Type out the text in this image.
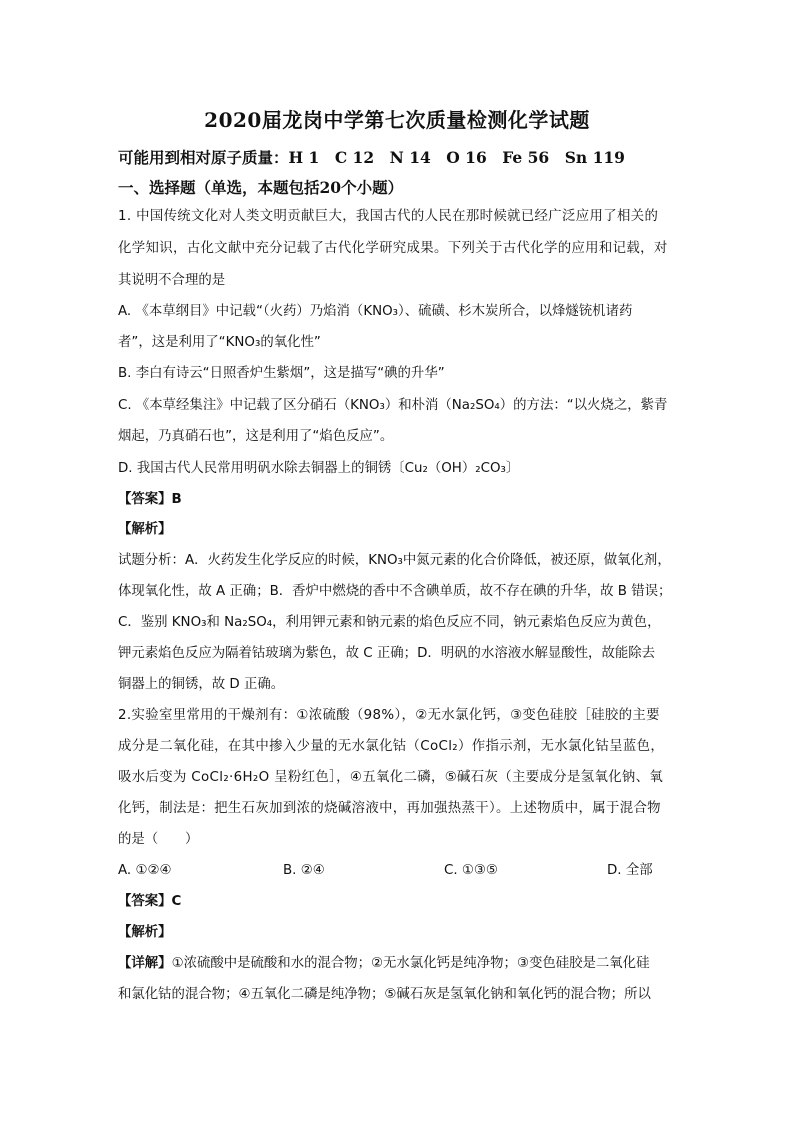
2020届龙岗中学第七次质量检测化学试题
可能用到相对原子质量：H 1　C 12　N 14　O 16　Fe 56　Sn 119
一、选择题（单选，本题包括20个小题）
1. 中国传统文化对人类文明贡献巨大，我国古代的人民在那时候就已经广泛应用了相关的
化学知识，古化文献中充分记载了古代化学研究成果。下列关于古代化学的应用和记载，对
其说明不合理的是
A. 《本草纲目》中记载“（火药）乃焰消（KNO₃）、硫磺、杉木炭所合，以烽燧铳机诸药
者”，这是利用了“KNO₃的氧化性”
B. 李白有诗云“日照香炉生紫烟”，这是描写“碘的升华”
C. 《本草经集注》中记载了区分硝石（KNO₃）和朴消（Na₂SO₄）的方法：“以火烧之，紫青
烟起，乃真硝石也”，这是利用了“焰色反应”。
D. 我国古代人民常用明矾水除去铜器上的铜锈〔Cu₂（OH）₂CO₃〕
【答案】B
【解析】
试题分析：A．火药发生化学反应的时候，KNO₃中氮元素的化合价降低，被还原，做氧化剂，
体现氧化性，故 A 正确；B．香炉中燃烧的香中不含碘单质，故不存在碘的升华，故 B 错误；
C．鉴别 KNO₃和 Na₂SO₄，利用钾元素和钠元素的焰色反应不同，钠元素焰色反应为黄色，
钾元素焰色反应为隔着钴玻璃为紫色，故 C 正确；D．明矾的水溶液水解显酸性，故能除去
铜器上的铜锈，故 D 正确。
2.实验室里常用的干燥剂有：①浓硫酸（98%），②无水氯化钙，③变色硅胶［硅胶的主要
成分是二氧化硅，在其中掺入少量的无水氯化钴（CoCl₂）作指示剂，无水氯化钴呈蓝色，
吸水后变为 CoCl₂·6H₂O 呈粉红色］，④五氧化二磷，⑤碱石灰（主要成分是氢氧化钠、氧
化钙，制法是：把生石灰加到浓的烧碱溶液中，再加强热蒸干）。上述物质中，属于混合物
的是（　　）
A. ①②④	B. ②④	C. ①③⑤	D. 全部
【答案】C
【解析】
【详解】①浓硫酸中是硫酸和水的混合物；②无水氯化钙是纯净物；③变色硅胶是二氧化硅
和氯化钴的混合物；④五氧化二磷是纯净物；⑤碱石灰是氢氧化钠和氧化钙的混合物；所以
